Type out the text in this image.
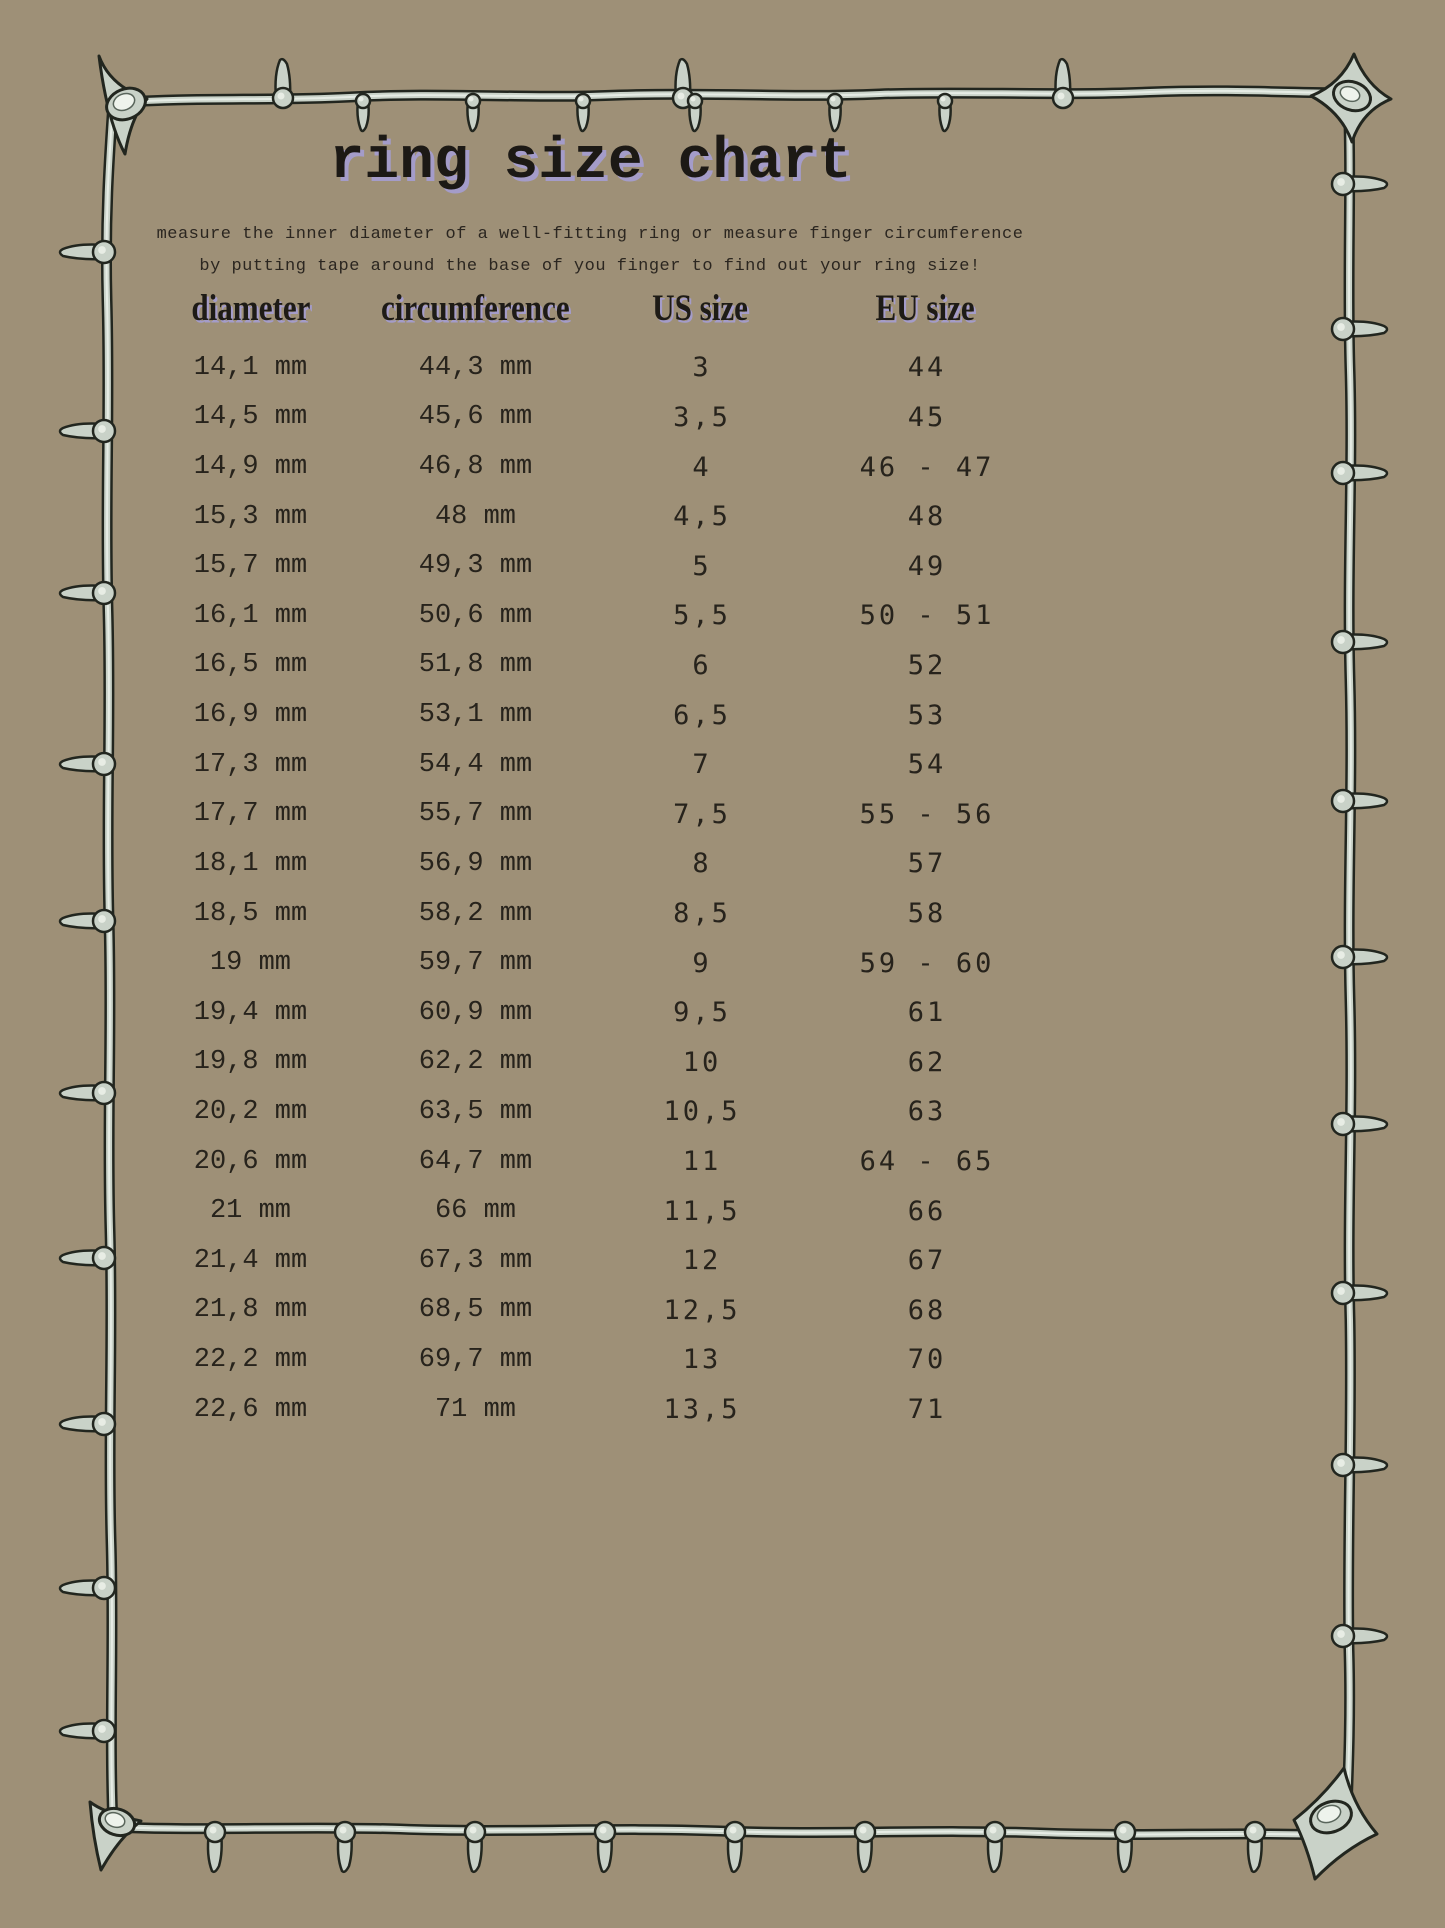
ring size chart

measure the inner diameter of a well-fitting ring or measure finger circumference

by putting tape around the base of you finger to find out your ring size!

diameter	circumference	US size	EU size
14,1 mm	44,3 mm	3	44
14,5 mm	45,6 mm	3,5	45
14,9 mm	46,8 mm	4	46 - 47
15,3 mm	48 mm	4,5	48
15,7 mm	49,3 mm	5	49
16,1 mm	50,6 mm	5,5	50 - 51
16,5 mm	51,8 mm	6	52
16,9 mm	53,1 mm	6,5	53
17,3 mm	54,4 mm	7	54
17,7 mm	55,7 mm	7,5	55 - 56
18,1 mm	56,9 mm	8	57
18,5 mm	58,2 mm	8,5	58
19 mm	59,7 mm	9	59 - 60
19,4 mm	60,9 mm	9,5	61
19,8 mm	62,2 mm	10	62
20,2 mm	63,5 mm	10,5	63
20,6 mm	64,7 mm	11	64 - 65
21 mm	66 mm	11,5	66
21,4 mm	67,3 mm	12	67
21,8 mm	68,5 mm	12,5	68
22,2 mm	69,7 mm	13	70
22,6 mm	71 mm	13,5	71
